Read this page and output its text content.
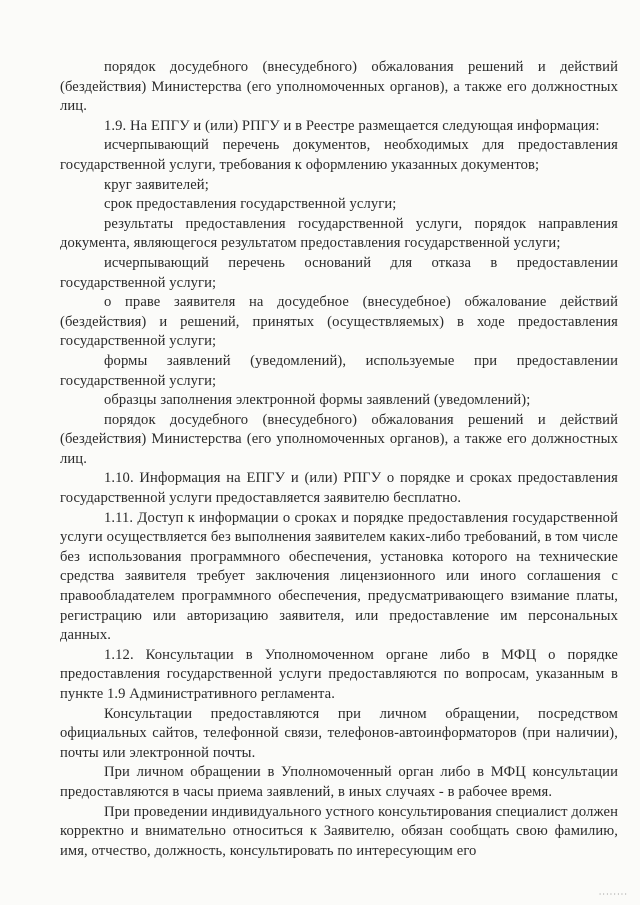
порядок досудебного (внесудебного) обжалования решений и действий (бездействия) Министерства (его уполномоченных органов), а также его должностных лиц.

1.9. На ЕПГУ и (или) РПГУ и в Реестре размещается следующая информация:

исчерпывающий перечень документов, необходимых для предоставления государственной услуги, требования к оформлению указанных документов;

круг заявителей;

срок предоставления государственной услуги;

результаты предоставления государственной услуги, порядок направления документа, являющегося результатом предоставления государственной услуги;

исчерпывающий перечень оснований для отказа в предоставлении государственной услуги;

о праве заявителя на досудебное (внесудебное) обжалование действий (бездействия) и решений, принятых (осуществляемых) в ходе предоставления государственной услуги;

формы заявлений (уведомлений), используемые при предоставлении государственной услуги;

образцы заполнения электронной формы заявлений (уведомлений);

порядок досудебного (внесудебного) обжалования решений и действий (бездействия) Министерства (его уполномоченных органов), а также его должностных лиц.

1.10. Информация на ЕПГУ и (или) РПГУ о порядке и сроках предоставления государственной услуги предоставляется заявителю бесплатно.

1.11. Доступ к информации о сроках и порядке предоставления государственной услуги осуществляется без выполнения заявителем каких-либо требований, в том числе без использования программного обеспечения, установка которого на технические средства заявителя требует заключения лицензионного или иного соглашения с правообладателем программного обеспечения, предусматривающего взимание платы, регистрацию или авторизацию заявителя, или предоставление им персональных данных.

1.12. Консультации в Уполномоченном органе либо в МФЦ о порядке предоставления государственной услуги предоставляются по вопросам, указанным в пункте 1.9 Административного регламента.

Консультации предоставляются при личном обращении, посредством официальных сайтов, телефонной связи, телефонов-автоинформаторов (при наличии), почты или электронной почты.

При личном обращении в Уполномоченный орган либо в МФЦ консультации предоставляются в часы приема заявлений, в иных случаях - в рабочее время.

При проведении индивидуального устного консультирования специалист должен корректно и внимательно относиться к Заявителю, обязан сообщать свою фамилию, имя, отчество, должность, консультировать по интересующим его

········
